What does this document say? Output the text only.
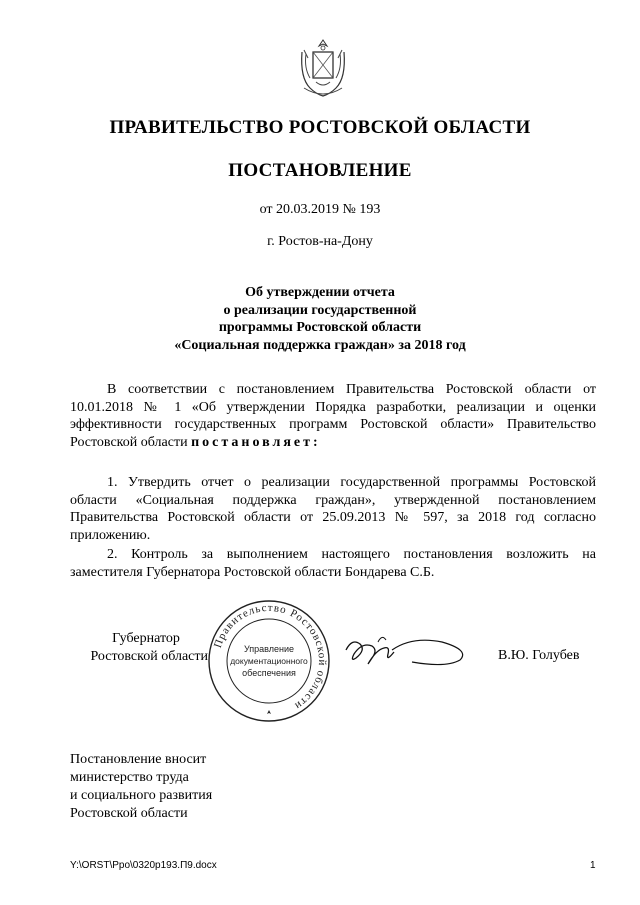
ПРАВИТЕЛЬСТВО РОСТОВСКОЙ ОБЛАСТИ
ПОСТАНОВЛЕНИЕ
от 20.03.2019 № 193
г. Ростов-на-Дону
Об утверждении отчета
о реализации государственной
программы Ростовской области
«Социальная поддержка граждан» за 2018 год
В соответствии с постановлением Правительства Ростовской области от 10.01.2018 № 1 «Об утверждении Порядка разработки, реализации и оценки эффективности государственных программ Ростовской области» Правительство Ростовской области постановляет:
1. Утвердить отчет о реализации государственной программы Ростовской области «Социальная поддержка граждан», утвержденной постановлением Правительства Ростовской области от 25.09.2013 № 597, за 2018 год согласно приложению.
2. Контроль за выполнением настоящего постановления возложить на заместителя Губернатора Ростовской области Бондарева С.Б.
Губернатор
Ростовской области
Правительство Ростовской области
Управление
документационного
обеспечения
В.Ю. Голубев
Постановление вносит
министерство труда
и социального развития
Ростовской области
Y:\ORST\Ppo\0320p193.П9.docx	1
